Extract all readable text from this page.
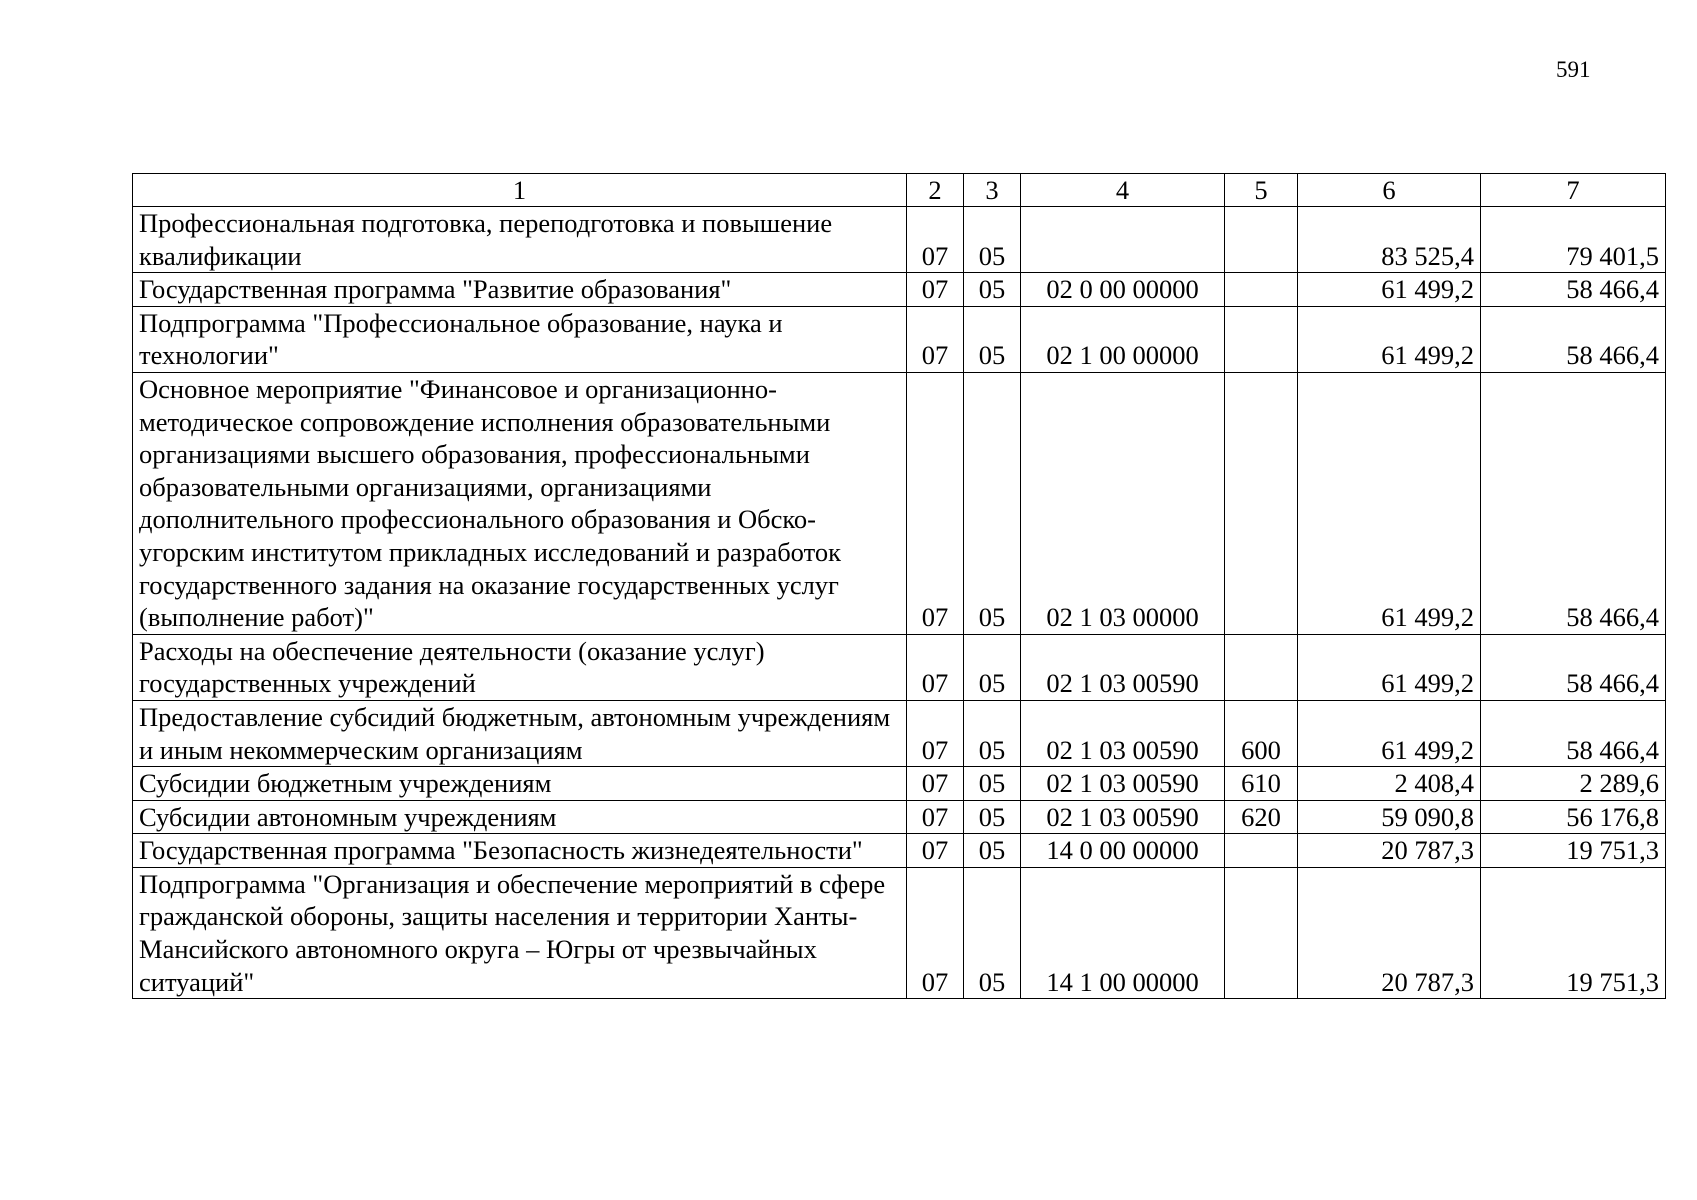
591
1	2	3	4	5	6	7
Профессиональная подготовка, переподготовка и повышение квалификации	07	05			83 525,4	79 401,5
Государственная программа "Развитие образования"	07	05	02 0 00 00000		61 499,2	58 466,4
Подпрограмма "Профессиональное образование, наука и технологии"	07	05	02 1 00 00000		61 499,2	58 466,4
Основное мероприятие "Финансовое и организационно-методическое сопровождение исполнения образовательными организациями высшего образования, профессиональными образовательными организациями, организациями дополнительного профессионального образования и Обско-угорским институтом прикладных исследований и разработок государственного задания на оказание государственных услуг (выполнение работ)"	07	05	02 1 03 00000		61 499,2	58 466,4
Расходы на обеспечение деятельности (оказание услуг) государственных учреждений	07	05	02 1 03 00590		61 499,2	58 466,4
Предоставление субсидий бюджетным, автономным учреждениям и иным некоммерческим организациям	07	05	02 1 03 00590	600	61 499,2	58 466,4
Субсидии бюджетным учреждениям	07	05	02 1 03 00590	610	2 408,4	2 289,6
Субсидии автономным учреждениям	07	05	02 1 03 00590	620	59 090,8	56 176,8
Государственная программа "Безопасность жизнедеятельности"	07	05	14 0 00 00000		20 787,3	19 751,3
Подпрограмма "Организация и обеспечение мероприятий в сфере гражданской обороны, защиты населения и территории Ханты-Мансийского автономного округа – Югры от чрезвычайных ситуаций"	07	05	14 1 00 00000		20 787,3	19 751,3
